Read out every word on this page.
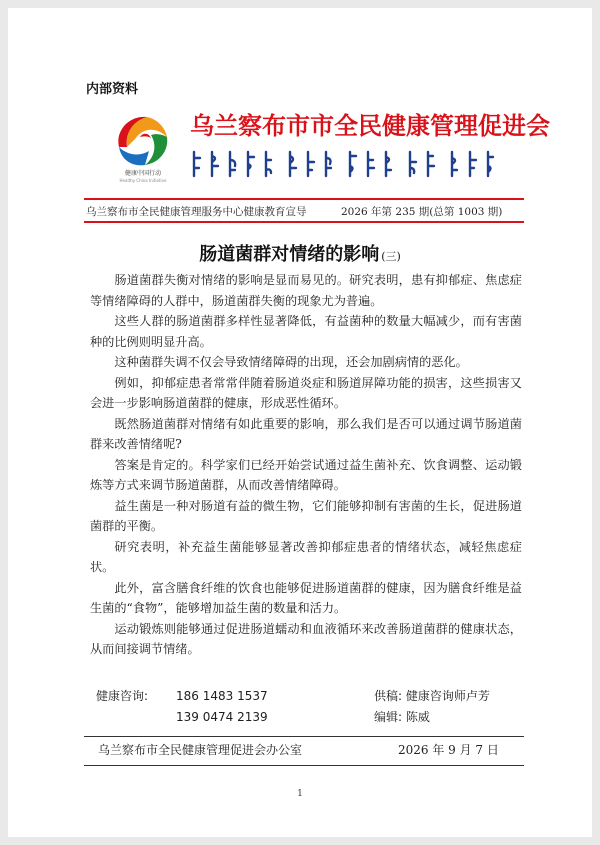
内部资料
健康中国行动
Healthy China Initiative
乌兰察布市市全民健康管理促进会
乌兰察布市全民健康管理服务中心健康教育宣导	2026 年第 235 期(总第 1003 期)
肠道菌群对情绪的影响 (三)

肠道菌群失衡对情绪的影响是显而易见的。研究表明，患有抑郁症、焦虑症等情绪障碍的人群中，肠道菌群失衡的现象尤为普遍。

这些人群的肠道菌群多样性显著降低，有益菌种的数量大幅减少，而有害菌种的比例则明显升高。

这种菌群失调不仅会导致情绪障碍的出现，还会加剧病情的恶化。

例如，抑郁症患者常常伴随着肠道炎症和肠道屏障功能的损害，这些损害又会进一步影响肠道菌群的健康，形成恶性循环。

既然肠道菌群对情绪有如此重要的影响，那么我们是否可以通过调节肠道菌群来改善情绪呢?

答案是肯定的。科学家们已经开始尝试通过益生菌补充、饮食调整、运动锻炼等方式来调节肠道菌群，从而改善情绪障碍。

益生菌是一种对肠道有益的微生物，它们能够抑制有害菌的生长，促进肠道菌群的平衡。

研究表明，补充益生菌能够显著改善抑郁症患者的情绪状态，减轻焦虑症状。

此外，富含膳食纤维的饮食也能够促进肠道菌群的健康，因为膳食纤维是益生菌的“食物”，能够增加益生菌的数量和活力。

运动锻炼则能够通过促进肠道蠕动和血液循环来改善肠道菌群的健康状态，从而间接调节情绪。

健康咨询: 186 1483 1537
139 0474 2139
供稿: 健康咨询师卢芳
编辑: 陈威
乌兰察布市全民健康管理促进会办公室	2026 年 9 月 7 日
1
